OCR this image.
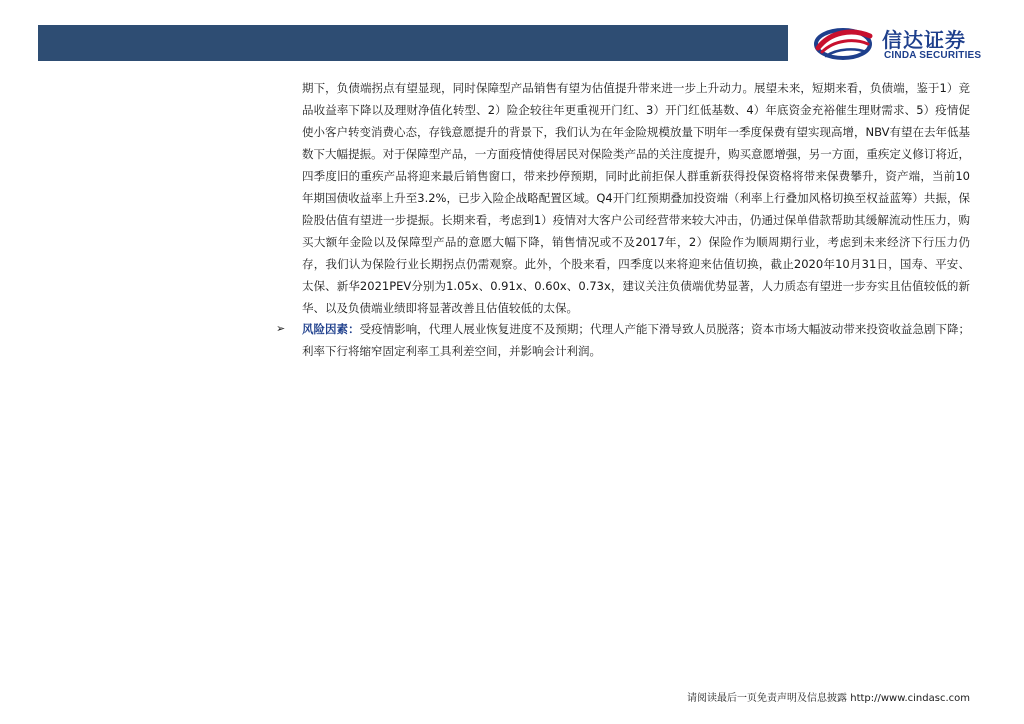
信达证券
CINDA SECURITIES
期下，负债端拐点有望显现，同时保障型产品销售有望为估值提升带来进一步上升动力。展望未来，短期来看，负债端，鉴于1）竞品收益率下降以及理财净值化转型、2）险企较往年更重视开门红、3）开门红低基数、4）年底资金充裕催生理财需求、5）疫情促使小客户转变消费心态，存钱意愿提升的背景下，我们认为在年金险规模放量下明年一季度保费有望实现高增，NBV有望在去年低基数下大幅提振。对于保障型产品，一方面疫情使得居民对保险类产品的关注度提升，购买意愿增强，另一方面，重疾定义修订将近，四季度旧的重疾产品将迎来最后销售窗口，带来抄停预期，同时此前拒保人群重新获得投保资格将带来保费攀升，资产端，当前10年期国债收益率上升至3.2%，已步入险企战略配置区域。Q4开门红预期叠加投资端（利率上行叠加风格切换至权益蓝筹）共振，保险股估值有望进一步提振。长期来看，考虑到1）疫情对大客户公司经营带来较大冲击，仍通过保单借款帮助其缓解流动性压力，购买大额年金险以及保障型产品的意愿大幅下降，销售情况或不及2017年，2）保险作为顺周期行业，考虑到未来经济下行压力仍存，我们认为保险行业长期拐点仍需观察。此外，个股来看，四季度以来将迎来估值切换，截止2020年10月31日，国寿、平安、太保、新华2021PEV分别为1.05x、0.91x、0.60x、0.73x，建议关注负债端优势显著，人力质态有望进一步夯实且估值较低的新华、以及负债端业绩即将显著改善且估值较低的太保。
➢	风险因素：受疫情影响，代理人展业恢复进度不及预期；代理人产能下滑导致人员脱落；资本市场大幅波动带来投资收益急剧下降；利率下行将缩窄固定利率工具利差空间，并影响会计利润。
请阅读最后一页免责声明及信息披露 http://www.cindasc.com
